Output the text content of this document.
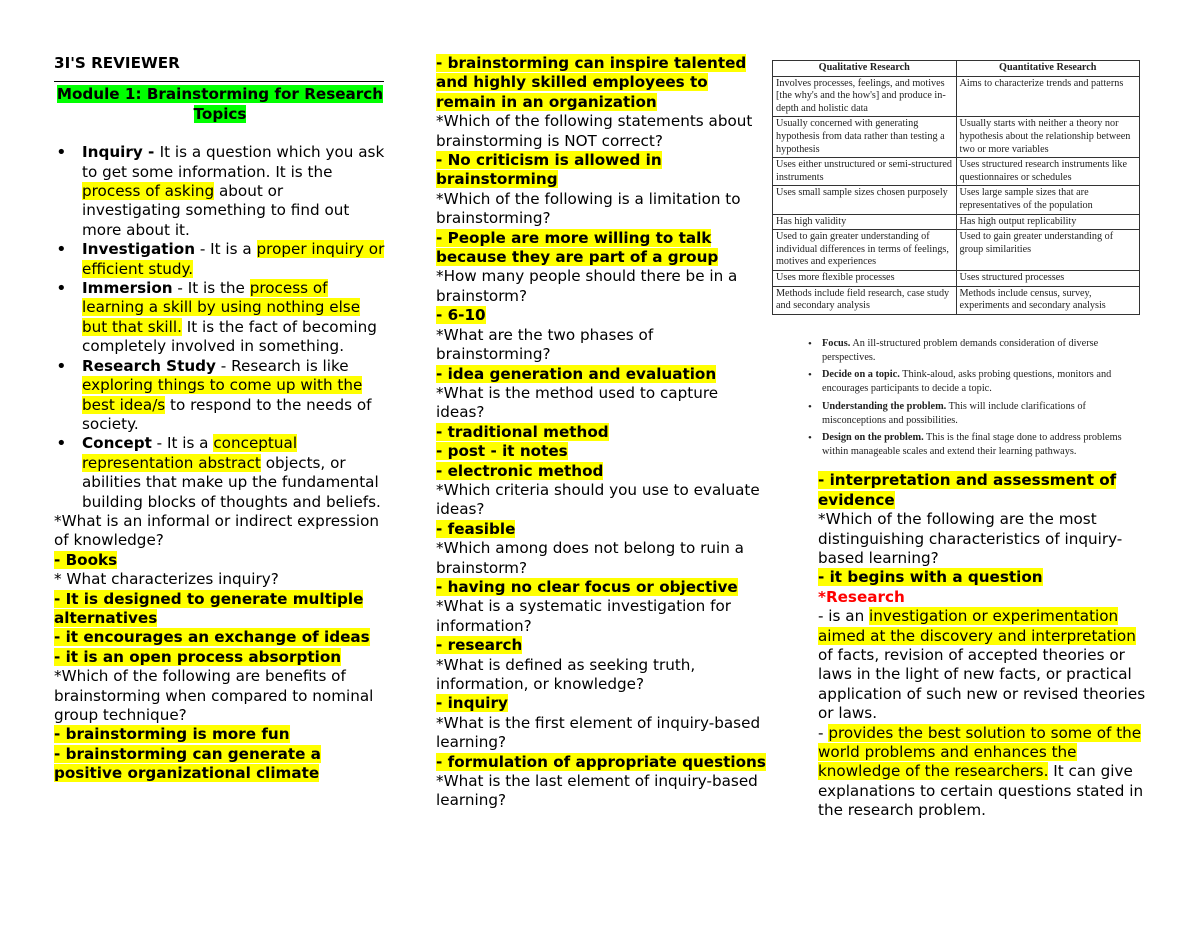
3I'S REVIEWER
Module 1: Brainstorming for Research Topics
• Inquiry - It is a question which you ask to get some information. It is the process of asking about or investigating something to find out more about it.
• Investigation - It is a proper inquiry or efficient study.
• Immersion - It is the process of learning a skill by using nothing else but that skill. It is the fact of becoming completely involved in something.
• Research Study - Research is like exploring things to come up with the best idea/s to respond to the needs of society.
• Concept - It is a conceptual representation abstract objects, or abilities that make up the fundamental building blocks of thoughts and beliefs.

*What is an informal or indirect expression of knowledge?

- Books

* What characterizes inquiry?

- It is designed to generate multiple alternatives

- it encourages an exchange of ideas

- it is an open process absorption

*Which of the following are benefits of brainstorming when compared to nominal group technique?

- brainstorming is more fun

- brainstorming can generate a positive organizational climate

- brainstorming can inspire talented and highly skilled employees to remain in an organization

*Which of the following statements about brainstorming is NOT correct?

- No criticism is allowed in brainstorming

*Which of the following is a limitation to brainstorming?

- People are more willing to talk because they are part of a group

*How many people should there be in a brainstorm?

- 6-10

*What are the two phases of brainstorming?

- idea generation and evaluation

*What is the method used to capture ideas?

- traditional method

- post - it notes

- electronic method

*Which criteria should you use to evaluate ideas?

- feasible

*Which among does not belong to ruin a brainstorm?

- having no clear focus or objective

*What is a systematic investigation for information?

- research

*What is defined as seeking truth, information, or knowledge?

- inquiry

*What is the first element of inquiry-based learning?

- formulation of appropriate questions

*What is the last element of inquiry-based learning?

Qualitative Research	Quantitative Research
Involves processes, feelings, and motives [the why's and the how's] and produce in-depth and holistic data	Aims to characterize trends and patterns
Usually concerned with generating hypothesis from data rather than testing a hypothesis	Usually starts with neither a theory nor hypothesis about the relationship between two or more variables
Uses either unstructured or semi-structured instruments	Uses structured research instruments like questionnaires or schedules
Uses small sample sizes chosen purposely	Uses large sample sizes that are representatives of the population
Has high validity	Has high output replicability
Used to gain greater understanding of individual differences in terms of feelings, motives and experiences	Used to gain greater understanding of group similarities
Uses more flexible processes	Uses structured processes
Methods include field research, case study and secondary analysis	Methods include census, survey, experiments and secondary analysis
• Focus. An ill-structured problem demands consideration of diverse perspectives.
• Decide on a topic. Think-aloud, asks probing questions, monitors and encourages participants to decide a topic.
• Understanding the problem. This will include clarifications of misconceptions and possibilities.
• Design on the problem. This is the final stage done to address problems within manageable scales and extend their learning pathways.

- interpretation and assessment of evidence

*Which of the following are the most distinguishing characteristics of inquiry-based learning?

- it begins with a question

*Research

- is an investigation or experimentation aimed at the discovery and interpretation of facts, revision of accepted theories or laws in the light of new facts, or practical application of such new or revised theories or laws.

- provides the best solution to some of the world problems and enhances the knowledge of the researchers. It can give explanations to certain questions stated in the research problem.
